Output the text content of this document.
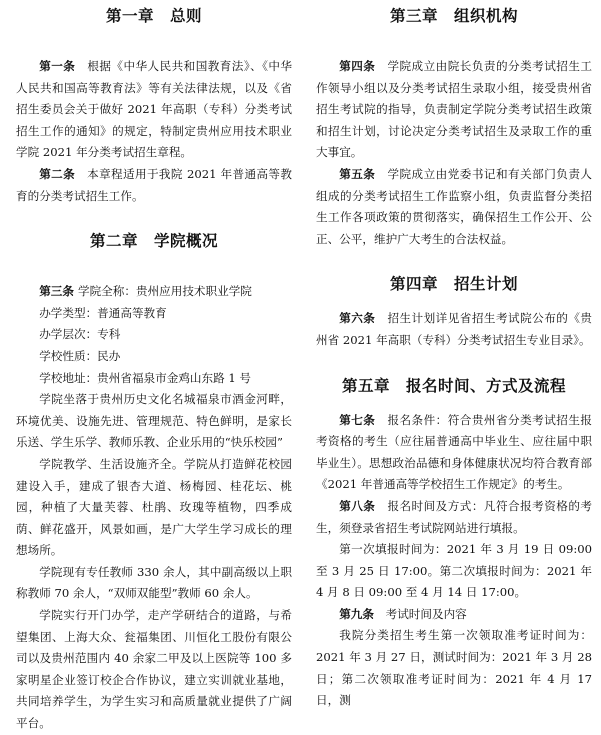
第一章　总则

第一条　 根据《中华人民共和国教育法》、《中华人民共和国高等教育法》等有关法律法规，以及《省招生委员会关于做好 2021 年高职（专科）分类考试招生工作的通知》的规定，特制定贵州应用技术职业学院 2021 年分类考试招生章程。

第二条　 本章程适用于我院 2021 年普通高等教育的分类考试招生工作。

第二章　学院概况

第三条 学院全称：贵州应用技术职业学院

办学类型：普通高等教育

办学层次：专科

学校性质：民办

学校地址：贵州省福泉市金鸡山东路 1 号

学院坐落于贵州历史文化名城福泉市酒金河畔，环境优美、设施先进、管理规范、特色鲜明，是家长乐送、学生乐学、教师乐教、企业乐用的“快乐校园”

学院教学、生活设施齐全。学院从打造鲜花校园建设入手，建成了银杏大道、杨梅园、桂花坛、桃园，种植了大量芙蓉、杜鹃、玫瑰等植物，四季成荫、鲜花盛开，风景如画，是广大学生学习成长的理想场所。

学院现有专任教师 330 余人，其中副高级以上职称教师 70 余人，“双师双能型”教师 60 余人。

学院实行开门办学，走产学研结合的道路，与希望集团、上海大众、瓮福集团、川恒化工股份有限公司以及贵州范围内 40 余家二甲及以上医院等 100 多家明星企业签订校企合作协议，建立实训就业基地，共同培养学生，为学生实习和高质量就业提供了广阔平台。

第三章　组织机构

第四条　 学院成立由院长负责的分类考试招生工作领导小组以及分类考试招生录取小组，接受贵州省招生考试院的指导，负责制定学院分类考试招生政策和招生计划，讨论决定分类考试招生及录取工作的重大事宜。

第五条　 学院成立由党委书记和有关部门负责人组成的分类考试招生工作监察小组，负责监督分类招生工作各项政策的贯彻落实，确保招生工作公开、公正、公平，维护广大考生的合法权益。

第四章　招生计划

第六条　 招生计划详见省招生考试院公布的《贵州省 2021 年高职（专科）分类考试招生专业目录》。

第五章　报名时间、方式及流程

第七条　 报名条件：符合贵州省分类考试招生报考资格的考生（应往届普通高中毕业生、应往届中职毕业生）。思想政治品德和身体健康状况均符合教育部《2021 年普通高等学校招生工作规定》的考生。

第八条　 报名时间及方式：凡符合报考资格的考生，须登录省招生考试院网站进行填报。

第一次填报时间为：2021 年 3 月 19 日 09:00 至 3 月 25 日 17:00。第二次填报时间为：2021 年 4 月 8 日 09:00 至 4 月 14 日 17:00。

第九条　 考试时间及内容

我院分类招生考生第一次领取准考证时间为：2021 年 3 月 27 日，测试时间为：2021 年 3 月 28 日；第二次领取准考证时间为：2021 年 4 月 17 日，测
